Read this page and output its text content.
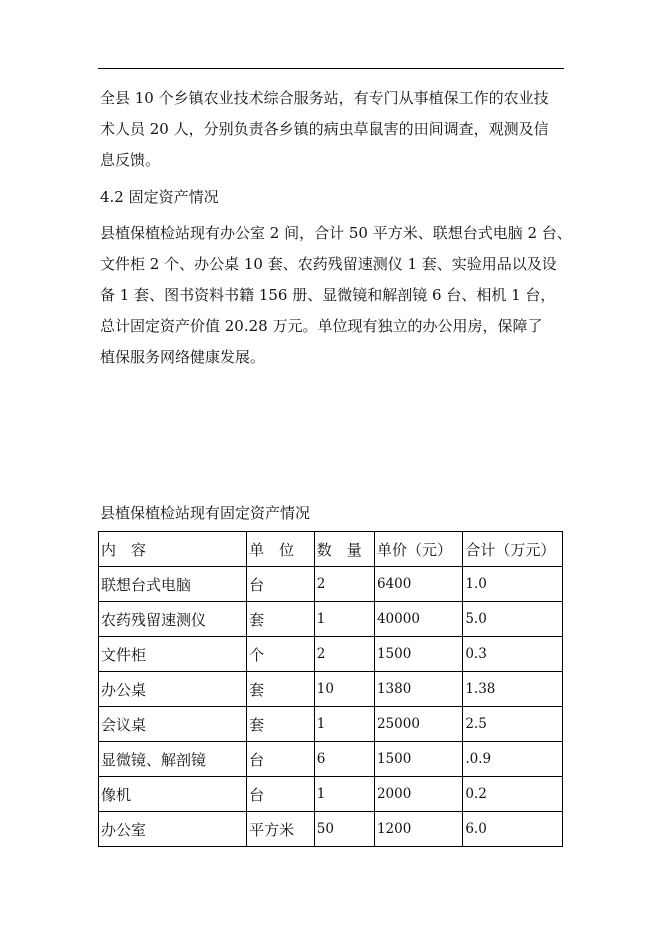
全县 10 个乡镇农业技术综合服务站，有专门从事植保工作的农业技
术人员 20 人，分别负责各乡镇的病虫草鼠害的田间调查，观测及信
息反馈。
4.2 固定资产情况
县植保植检站现有办公室 2 间，合计 50 平方米、联想台式电脑 2 台、
文件柜 2 个、办公桌 10 套、农药残留速测仪 1 套、实验用品以及设
备 1 套、图书资料书籍 156 册、显微镜和解剖镜 6 台、相机 1 台，
总计固定资产价值 20.28 万元。单位现有独立的办公用房，保障了
植保服务网络健康发展。
县植保植检站现有固定资产情况
内　容	单　位	数　量	单价（元）	合计（万元）
联想台式电脑	台	2	6400	1.0
农药残留速测仪	套	1	40000	5.0
文件柜	个	2	1500	0.3
办公桌	套	10	1380	1.38
会议桌	套	1	25000	2.5
显微镜、解剖镜	台	6	1500	.0.9
像机	台	1	2000	0.2
办公室	平方米	50	1200	6.0
